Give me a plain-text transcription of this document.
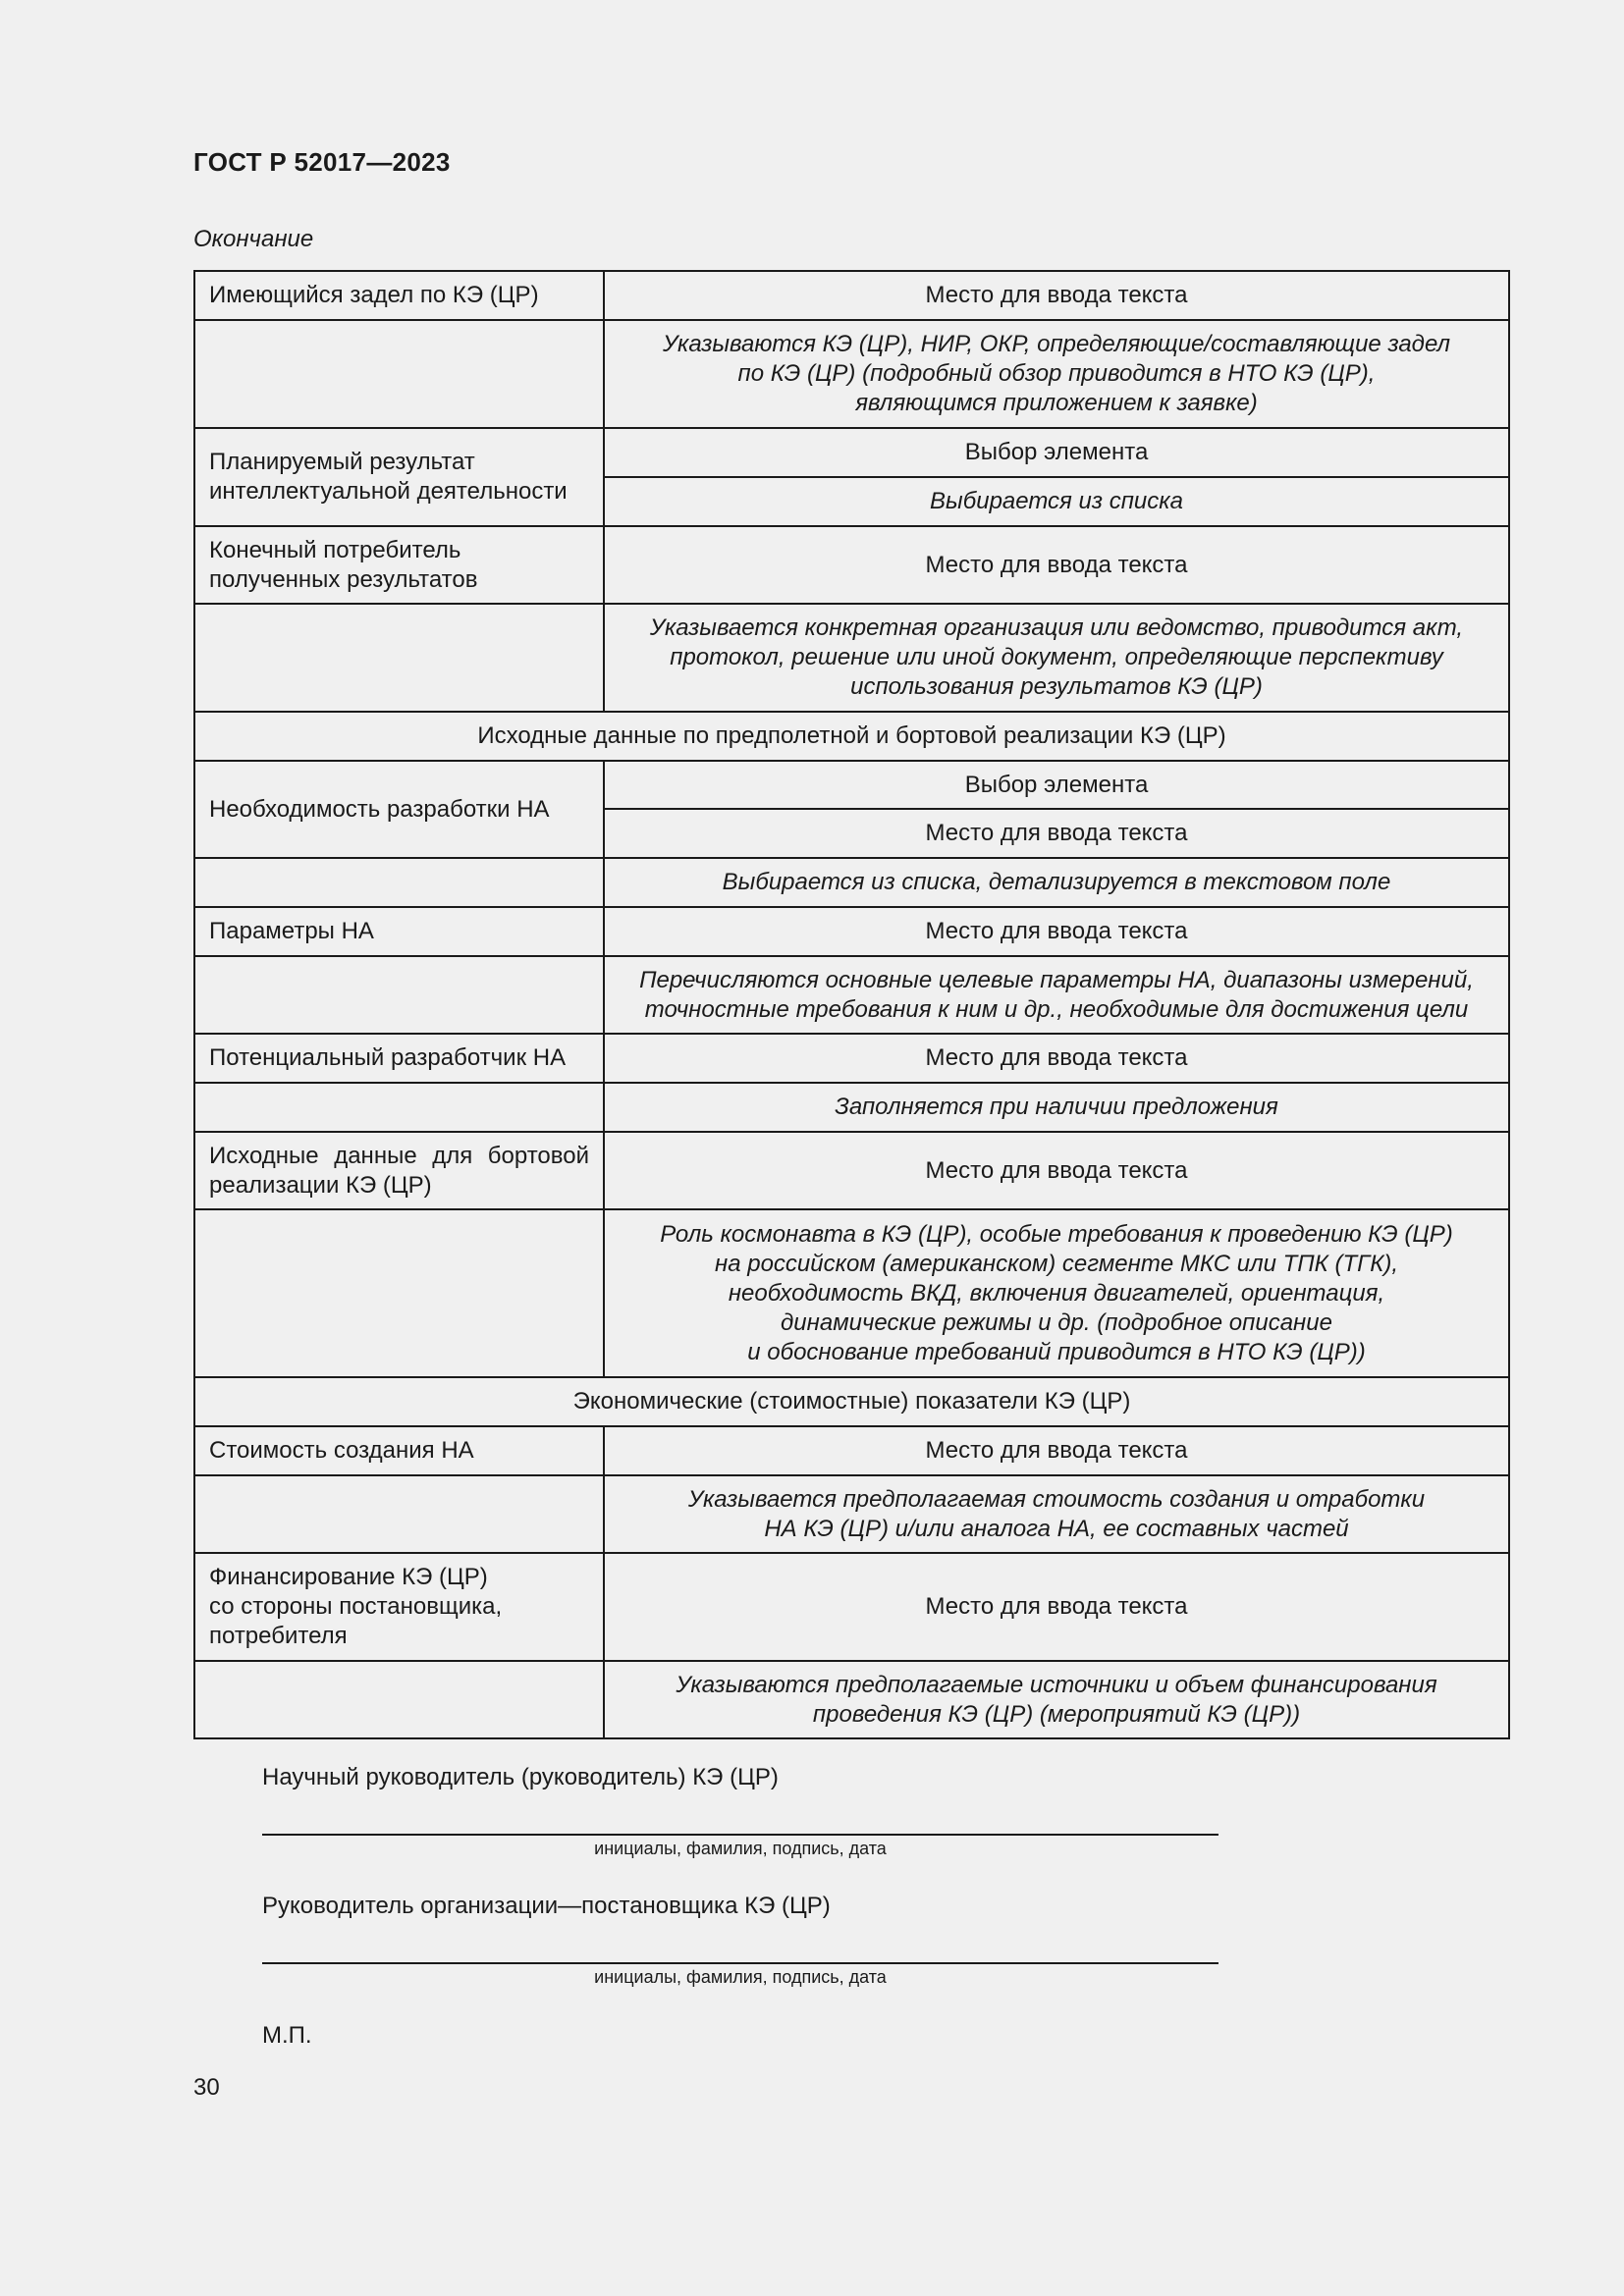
ГОСТ Р 52017—2023
Окончание
Имеющийся задел по КЭ (ЦР)	Место для ввода текста
	Указываются КЭ (ЦР), НИР, ОКР, определяющие/составляющие задел
по КЭ (ЦР) (подробный обзор приводится в НТО КЭ (ЦР),
являющимся приложением к заявке)
Планируемый результат интеллектуальной деятельности	Выбор элемента
	Выбирается из списка
Конечный потребитель полученных результатов	Место для ввода текста
	Указывается конкретная организация или ведомство, приводится акт,
протокол, решение или иной документ, определяющие перспективу
использования результатов КЭ (ЦР)
Исходные данные по предполетной и бортовой реализации КЭ (ЦР)	
Необходимость разработки НА	Выбор элемента
	Место для ввода текста
	Выбирается из списка, детализируется в текстовом поле
Параметры НА	Место для ввода текста
	Перечисляются основные целевые параметры НА, диапазоны измерений,
точностные требования к ним и др., необходимые для достижения цели
Потенциальный разработчик НА	Место для ввода текста
	Заполняется при наличии предложения
Исходные данные для бортовой реализации КЭ (ЦР)	Место для ввода текста
	Роль космонавта в КЭ (ЦР), особые требования к проведению КЭ (ЦР)
на российском (американском) сегменте МКС или ТПК (ТГК),
необходимость ВКД, включения двигателей, ориентация,
динамические режимы и др. (подробное описание
и обоснование требований приводится в НТО КЭ (ЦР))
Экономические (стоимостные) показатели КЭ (ЦР)	
Стоимость создания НА	Место для ввода текста
	Указывается предполагаемая стоимость создания и отработки
НА КЭ (ЦР) и/или аналога НА, ее составных частей
Финансирование КЭ (ЦР)
со стороны постановщика,
потребителя	Место для ввода текста
	Указываются предполагаемые источники и объем финансирования
проведения КЭ (ЦР) (мероприятий КЭ (ЦР))
Научный руководитель (руководитель) КЭ (ЦР)
инициалы, фамилия, подпись, дата
Руководитель организации—постановщика КЭ (ЦР)
инициалы, фамилия, подпись, дата
М.П.
30
